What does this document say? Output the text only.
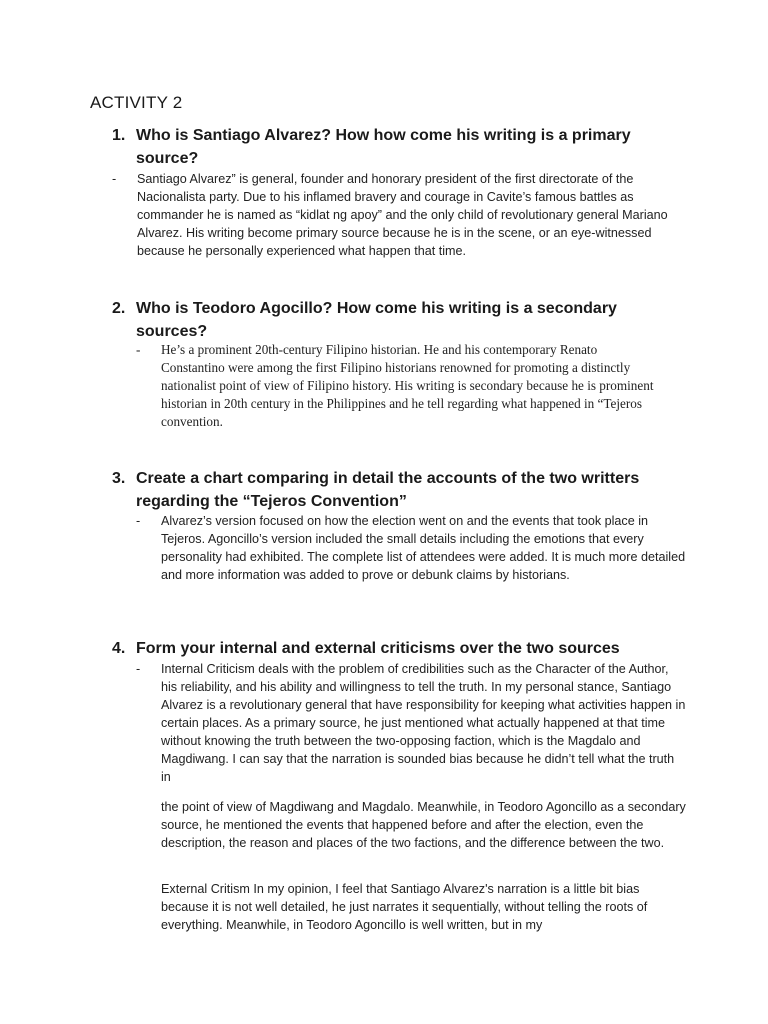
ACTIVITY 2
1. Who is Santiago Alvarez? How how come his writing is a primary source?
- Santiago Alvarez” is general, founder and honorary president of the first directorate of the Nacionalista party. Due to his inflamed bravery and courage in Cavite’s famous battles as commander he is named as “kidlat ng apoy” and the only child of revolutionary general Mariano Alvarez. His writing become primary source because he is in the scene, or an eye-witnessed because he personally experienced what happen that time.
2. Who is Teodoro Agocillo? How come his writing is a secondary sources?
- He’s a prominent 20th-century Filipino historian. He and his contemporary Renato Constantino were among the first Filipino historians renowned for promoting a distinctly nationalist point of view of Filipino history. His writing is secondary because he is prominent historian in 20th century in the Philippines and he tell regarding what happened in “Tejeros convention.
3. Create a chart comparing in detail the accounts of the two writters regarding the “Tejeros Convention”
- Alvarez’s version focused on how the election went on and the events that took place in Tejeros. Agoncillo’s version included the small details including the emotions that every personality had exhibited. The complete list of attendees were added. It is much more detailed and more information was added to prove or debunk claims by historians.
4. Form your internal and external criticisms over the two sources
- Internal Criticism deals with the problem of credibilities such as the Character of the Author, his reliability, and his ability and willingness to tell the truth. In my personal stance, Santiago Alvarez is a revolutionary general that have responsibility for keeping what activities happen in certain places. As a primary source, he just mentioned what actually happened at that time without knowing the truth between the two-opposing faction, which is the Magdalo and Magdiwang. I can say that the narration is sounded bias because he didn’t tell what the truth in
the point of view of Magdiwang and Magdalo. Meanwhile, in Teodoro Agoncillo as a secondary source, he mentioned the events that happened before and after the election, even the description, the reason and places of the two factions, and the difference between the two.
External Critism In my opinion, I feel that Santiago Alvarez's narration is a little bit bias because it is not well detailed, he just narrates it sequentially, without telling the roots of everything. Meanwhile, in Teodoro Agoncillo is well written, but in my
